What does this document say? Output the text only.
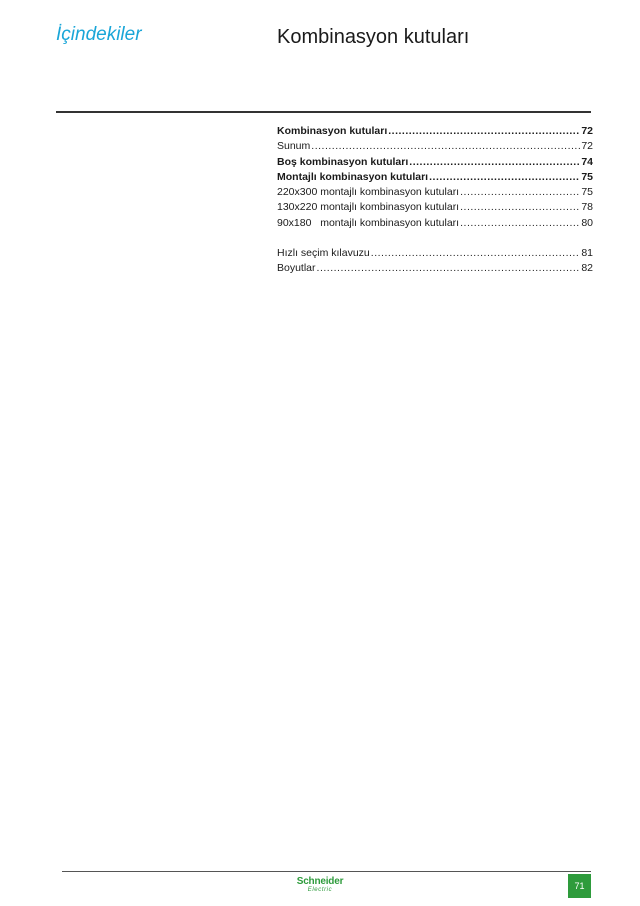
İçindekiler	Kombinasyon kutuları
Kombinasyon kutuları .....	72
Sunum .....	72
Boş kombinasyon kutuları .....	74
Montajlı kombinasyon kutuları .....	75
220x300 montajlı kombinasyon kutuları .....	75
130x220 montajlı kombinasyon kutuları .....	78
90x180   montajlı kombinasyon kutuları .....	80
Hızlı seçim kılavuzu .....	81
Boyutlar .....	82
Schneider
Electric	71
